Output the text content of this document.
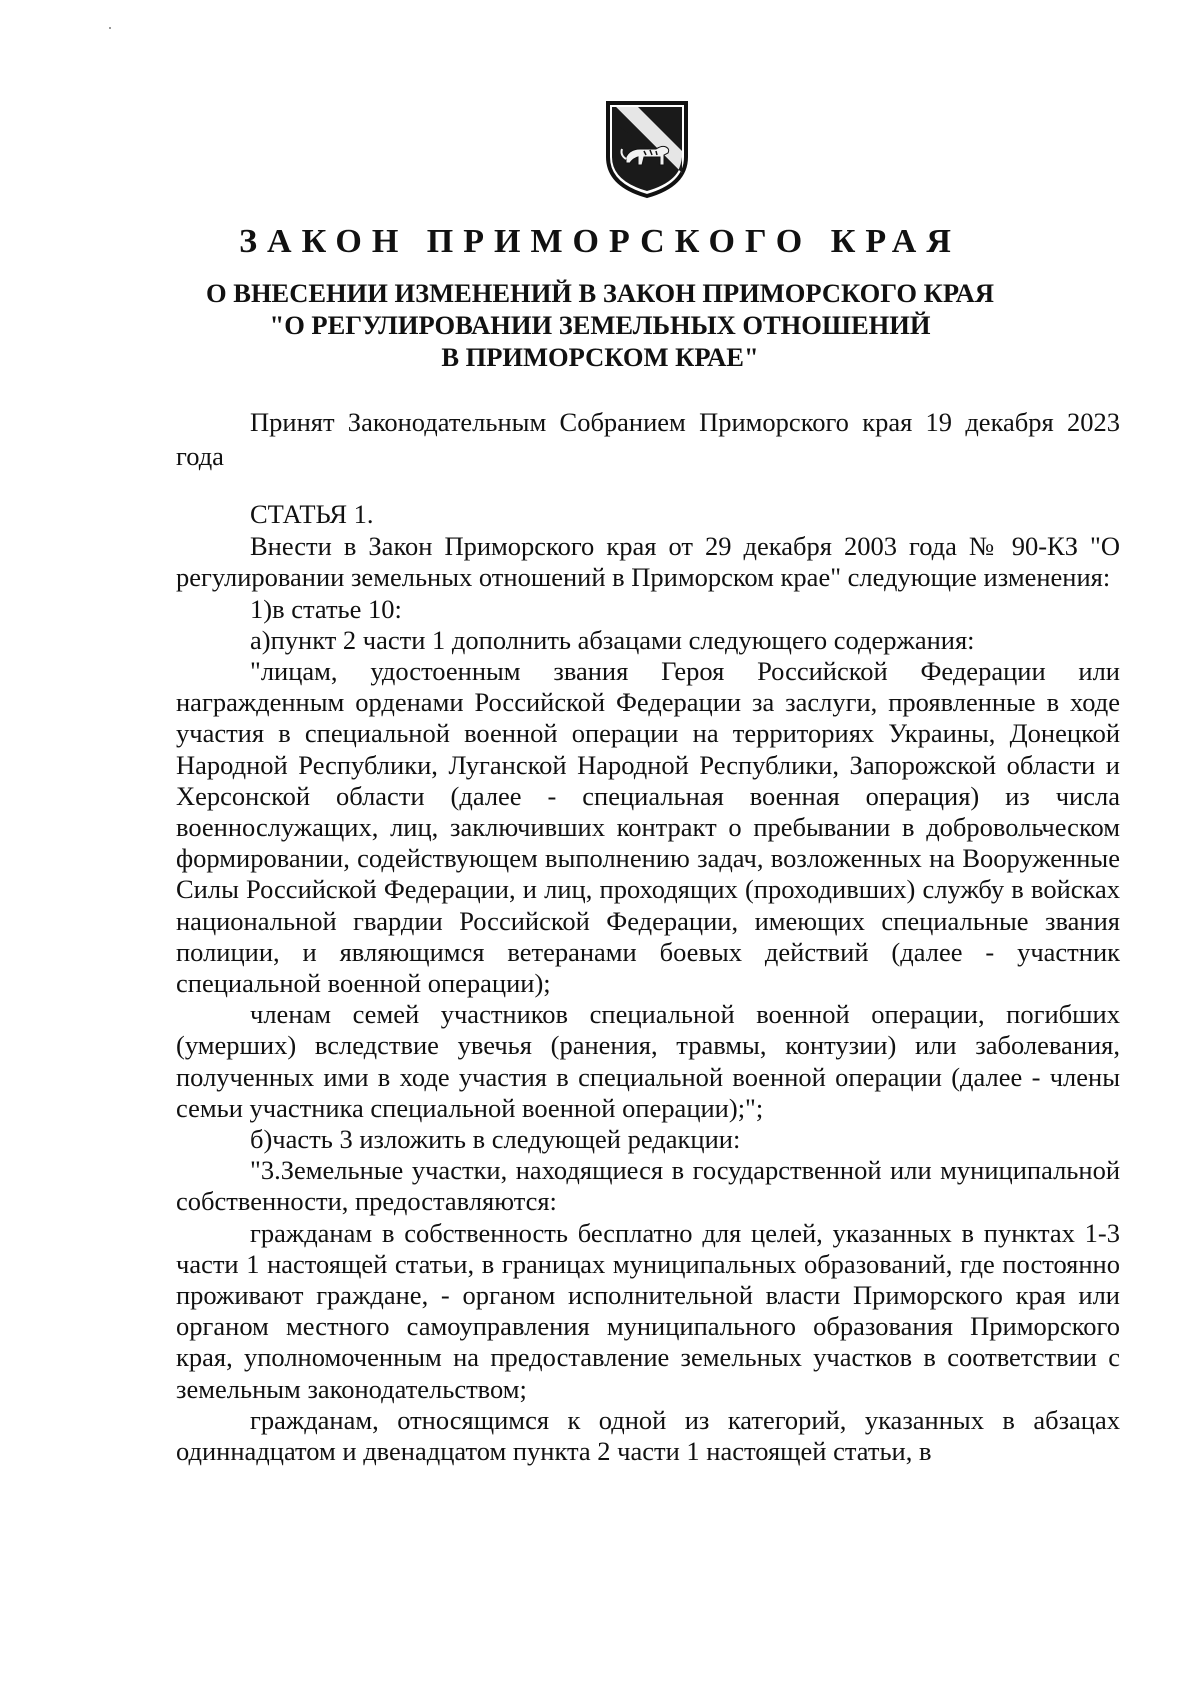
ЗАКОН ПРИМОРСКОГО КРАЯ
О ВНЕСЕНИИ ИЗМЕНЕНИЙ В ЗАКОН ПРИМОРСКОГО КРАЯ
"О РЕГУЛИРОВАНИИ ЗЕМЕЛЬНЫХ ОТНОШЕНИЙ
В ПРИМОРСКОМ КРАЕ"
Принят Законодательным Собранием Приморского края 19 декабря 2023 года

СТАТЬЯ 1.

Внести в Закон Приморского края от 29 декабря 2003 года № 90-КЗ "О регулировании земельных отношений в Приморском крае" следующие изменения:

1)в статье 10:

а)пункт 2 части 1 дополнить абзацами следующего содержания:

"лицам, удостоенным звания Героя Российской Федерации или награжденным орденами Российской Федерации за заслуги, проявленные в ходе участия в специальной военной операции на территориях Украины, Донецкой Народной Республики, Луганской Народной Республики, Запорожской области и Херсонской области (далее - специальная военная операция) из числа военнослужащих, лиц, заключивших контракт о пребывании в добровольческом формировании, содействующем выполнению задач, возложенных на Вооруженные Силы Российской Федерации, и лиц, проходящих (проходивших) службу в войсках национальной гвардии Российской Федерации, имеющих специальные звания полиции, и являющимся ветеранами боевых действий (далее - участник специальной военной операции);

членам семей участников специальной военной операции, погибших (умерших) вследствие увечья (ранения, травмы, контузии) или заболевания, полученных ими в ходе участия в специальной военной операции (далее - члены семьи участника специальной военной операции);";

б)часть 3 изложить в следующей редакции:

"3.Земельные участки, находящиеся в государственной или муниципальной собственности, предоставляются:

гражданам в собственность бесплатно для целей, указанных в пунктах 1-3 части 1 настоящей статьи, в границах муниципальных образований, где постоянно проживают граждане, - органом исполнительной власти Приморского края или органом местного самоуправления муниципального образования Приморского края, уполномоченным на предоставление земельных участков в соответствии с земельным законодательством;

гражданам, относящимся к одной из категорий, указанных в абзацах одиннадцатом и двенадцатом пункта 2 части 1 настоящей статьи, в
